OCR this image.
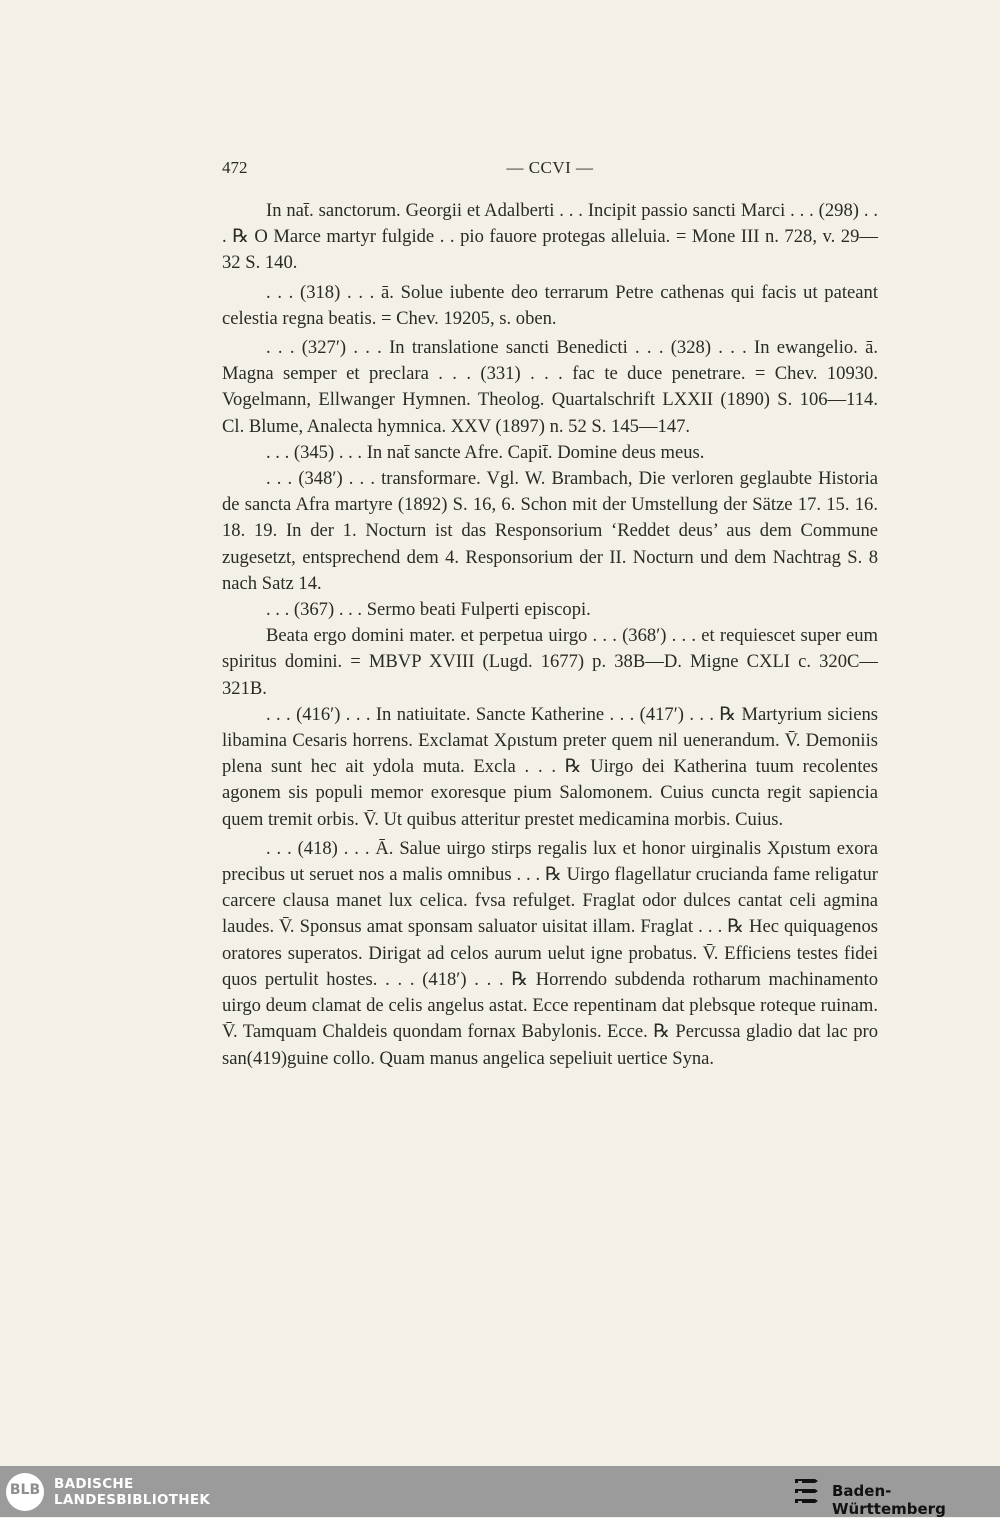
472	— CCVI —

In nat̄. sanctorum. Georgii et Adalberti . . . Incipit passio sancti Marci . . . (298) . . . ℞ O Marce martyr fulgide . . pio fauore protegas alleluia. = Mone III n. 728, v. 29—32 S. 140.

. . . (318) . . . ā. Solue iubente deo terrarum Petre cathenas qui facis ut pateant celestia regna beatis. = Chev. 19205, s. oben.

. . . (327′) . . . In translatione sancti Benedicti . . . (328) . . . In ewangelio. ā. Magna semper et preclara . . . (331) . . . fac te duce penetrare. = Chev. 10930. Vogelmann, Ellwanger Hymnen. Theolog. Quartalschrift LXXII (1890) S. 106—114. Cl. Blume, Analecta hymnica. XXV (1897) n. 52 S. 145—147.

. . . (345) . . . In nat̄ sancte Afre. Capit̄. Domine deus meus.

. . . (348′) . . . transformare. Vgl. W. Brambach, Die verloren geglaubte Historia de sancta Afra martyre (1892) S. 16, 6. Schon mit der Umstellung der Sätze 17. 15. 16. 18. 19. In der 1. Nocturn ist das Responsorium ‘Reddet deus’ aus dem Commune zugesetzt, entsprechend dem 4. Responsorium der II. Nocturn und dem Nachtrag S. 8 nach Satz 14.

. . . (367) . . . Sermo beati Fulperti episcopi.

Beata ergo domini mater. et perpetua uirgo . . . (368′) . . . et requiescet super eum spiritus domini. = MBVP XVIII (Lugd. 1677) p. 38B—D. Migne CXLI c. 320C—321B.

. . . (416′) . . . In natiuitate. Sancte Katherine . . . (417′) . . . ℞ Martyrium siciens libamina Cesaris horrens. Exclamat Xριstum preter quem nil uenerandum. V̄. Demoniis plena sunt hec ait ydola muta. Excla . . . ℞ Uirgo dei Katherina tuum recolentes agonem sis populi memor exoresque pium Salomonem. Cuius cuncta regit sapiencia quem tremit orbis. V̄. Ut quibus atteritur prestet medicamina morbis. Cuius.

. . . (418) . . . Ā. Salue uirgo stirps regalis lux et honor uirginalis Xριstum exora precibus ut seruet nos a malis omnibus . . . ℞ Uirgo flagellatur crucianda fame religatur carcere clausa manet lux celica. fvsa refulget. Fraglat odor dulces cantat celi agmina laudes. V̄. Sponsus amat sponsam saluator uisitat illam. Fraglat . . . ℞ Hec quiquagenos oratores superatos. Dirigat ad celos aurum uelut igne probatus. V̄. Efficiens testes fidei quos pertulit hostes. . . . (418′) . . . ℞ Horrendo subdenda rotharum machinamento uirgo deum clamat de celis angelus astat. Ecce repentinam dat plebsque roteque ruinam. V̄. Tamquam Chaldeis quondam fornax Babylonis. Ecce. ℞ Percussa gladio dat lac pro san(419)guine collo. Quam manus angelica sepeliuit uertice Syna.

BLB BADISCHE
LANDESBIBLIOTHEK	Baden-Württemberg
